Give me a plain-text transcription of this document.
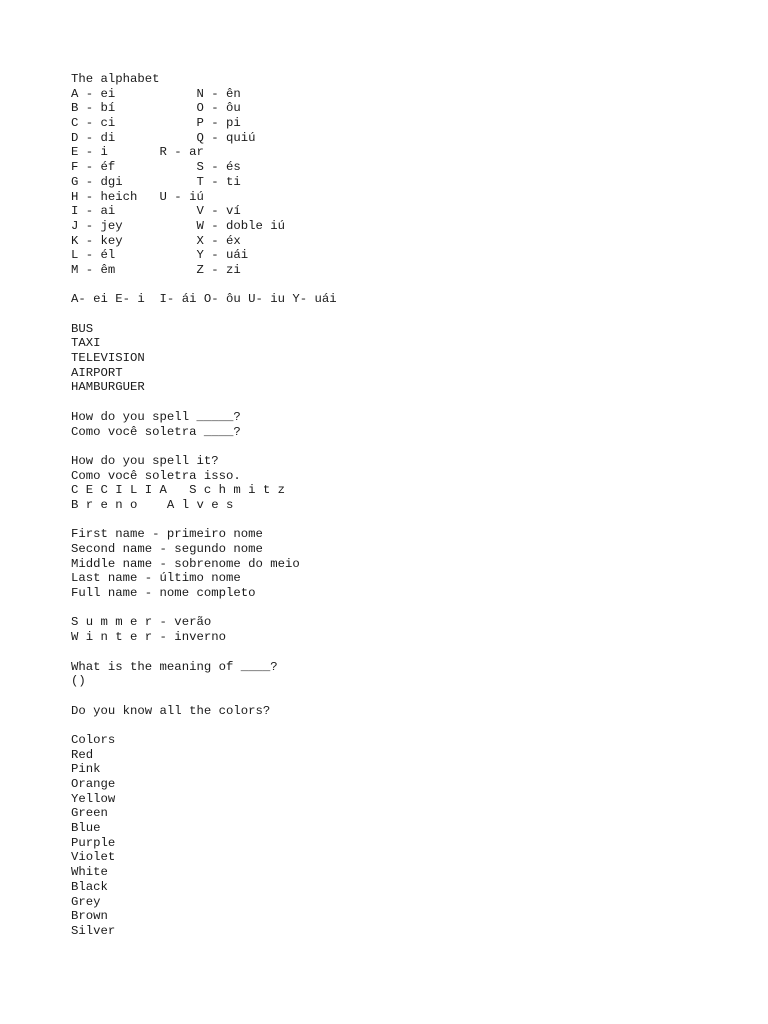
The alphabet
A - ei           N - ên
B - bí           O - ôu
C - ci           P - pi
D - di           Q - quiú
E - i       R - ar
F - éf           S - és
G - dgi          T - ti
H - heich   U - iú
I - ai           V - ví
J - jey          W - doble iú
K - key          X - éx
L - él           Y - uái
M - êm           Z - zi
A- ei E- i  I- ái O- ôu U- iu Y- uái
BUS
TAXI
TELEVISION
AIRPORT
HAMBURGUER
How do you spell _____?
Como você soletra ____?
How do you spell it?
Como você soletra isso.
C E C I L I A   S c h m i t z
B r e n o    A l v e s
First name - primeiro nome
Second name - segundo nome
Middle name - sobrenome do meio
Last name - último nome
Full name - nome completo
S u m m e r - verão
W i n t e r - inverno
What is the meaning of ____?
()
Do you know all the colors?
Colors
Red
Pink
Orange
Yellow
Green
Blue
Purple
Violet
White
Black
Grey
Brown
Silver
